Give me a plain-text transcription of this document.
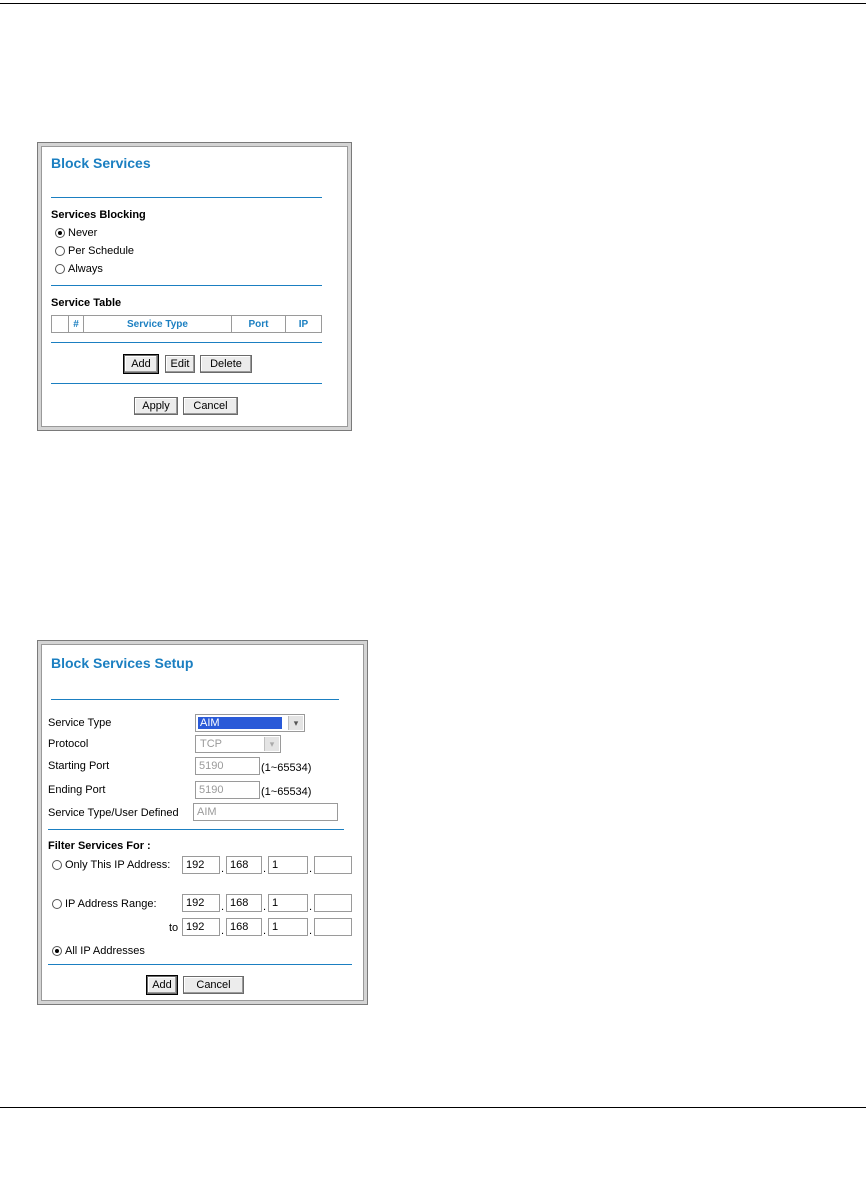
Block Services
Services Blocking
Never
Per Schedule
Always
Service Table
#	Service Type	Port	IP
Add	Edit	Delete
Apply	Cancel
Block Services Setup
Service Type	AIM	▾
Protocol	TCP	▾
Starting Port	5190	(1~65534)
Ending Port	5190	(1~65534)
Service Type/User Defined	AIM
Filter Services For :
Only This IP Address:	192	. 168	. 1	.
IP Address Range:	192	. 168	. 1	.
to 192	. 168	. 1	.
All IP Addresses
Add	Cancel
